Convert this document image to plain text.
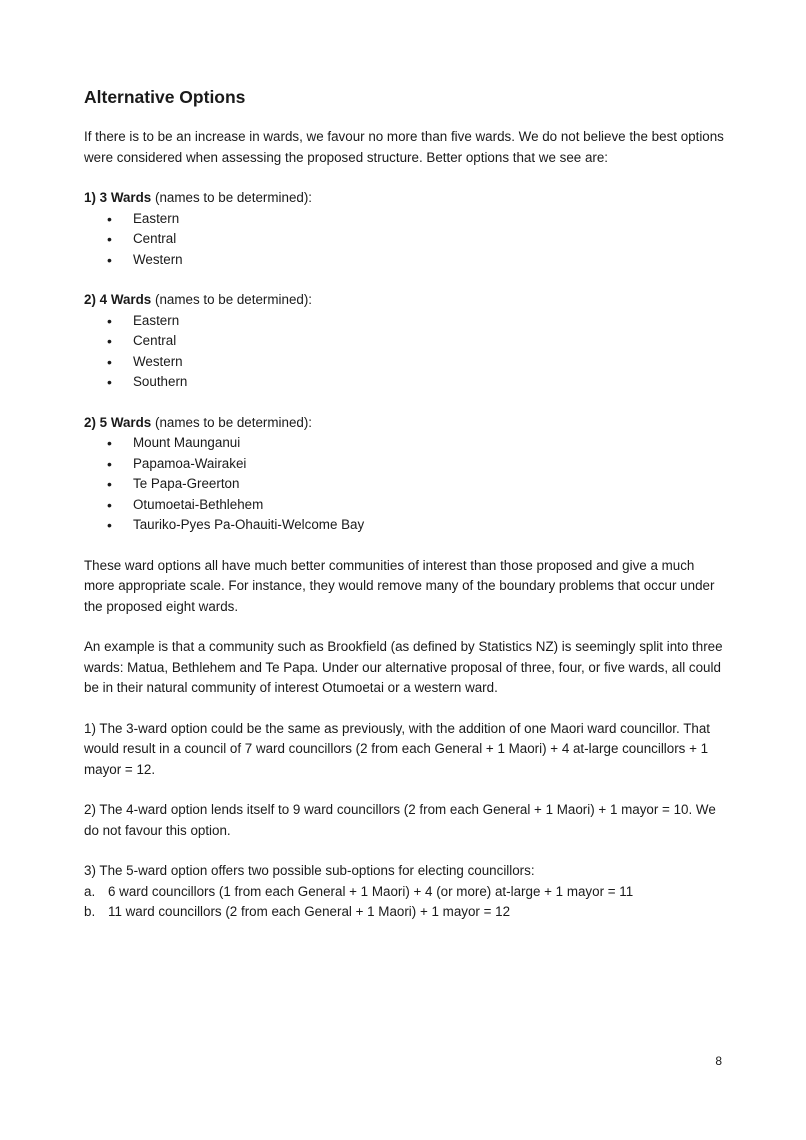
Alternative Options

If there is to be an increase in wards, we favour no more than five wards. We do not believe the best options were considered when assessing the proposed structure. Better options that we see are:

1) 3 Wards (names to be determined):

• Eastern
• Central
• Western

2) 4 Wards (names to be determined):

• Eastern
• Central
• Western
• Southern

2) 5 Wards (names to be determined):

• Mount Maunganui
• Papamoa-Wairakei
• Te Papa-Greerton
• Otumoetai-Bethlehem
• Tauriko-Pyes Pa-Ohauiti-Welcome Bay

These ward options all have much better communities of interest than those proposed and give a much more appropriate scale. For instance, they would remove many of the boundary problems that occur under the proposed eight wards.

An example is that a community such as Brookfield (as defined by Statistics NZ) is seemingly split into three wards: Matua, Bethlehem and Te Papa. Under our alternative proposal of three, four, or five wards, all could be in their natural community of interest Otumoetai or a western ward.

1) The 3-ward option could be the same as previously, with the addition of one Maori ward councillor. That would result in a council of 7 ward councillors (2 from each General + 1 Maori) + 4 at-large councillors + 1 mayor = 12.

2) The 4-ward option lends itself to 9 ward councillors (2 from each General + 1 Maori) + 1 mayor = 10. We do not favour this option.

3) The 5-ward option offers two possible sub-options for electing councillors:

a. 6 ward councillors (1 from each General + 1 Maori) + 4 (or more) at-large + 1 mayor = 11
b. 11 ward councillors (2 from each General + 1 Maori) + 1 mayor = 12
8
